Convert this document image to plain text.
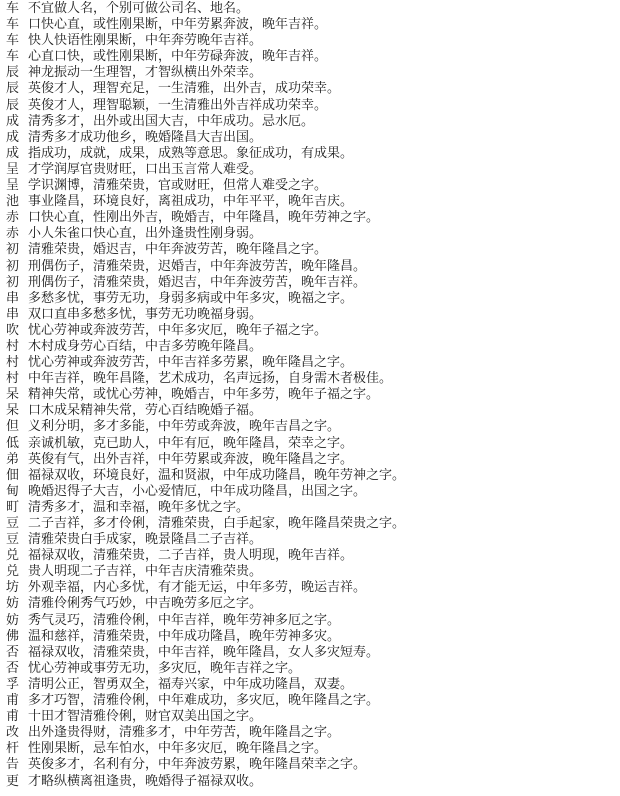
车 不宜做人名，个别可做公司名、地名。
车 口快心直，或性刚果断，中年劳累奔波，晚年吉祥。
车 快人快语性刚果断，中年奔劳晚年吉祥。
车 心直口快，或性刚果断，中年劳碌奔波，晚年吉祥。
辰 神龙振动一生理智，才智纵横出外荣幸。
辰 英俊才人，理智充足，一生清雅，出外吉，成功荣幸。
辰 英俊才人，理智聪颖，一生清雅出外吉祥成功荣幸。
成 清秀多才，出外或出国大吉，中年成功。忌水厄。
成 清秀多才成功他乡，晚婚隆昌大吉出国。
成 指成功，成就，成果，成熟等意思。象征成功，有成果。
呈 才学润厚官贵财旺，口出玉言常人难受。
呈 学识渊博，清雅荣贵，官或财旺，但常人难受之字。
池 事业隆昌，环境良好，离祖成功，中年平平，晚年吉庆。
赤 口快心直，性刚出外吉，晚婚吉，中年隆昌，晚年劳神之字。
赤 小人朱雀口快心直，出外逢贵性刚身弱。
初 清雅荣贵，婚迟吉，中年奔波劳苦，晚年隆昌之字。
初 刑偶伤子，清雅荣贵，迟婚吉，中年奔波劳苦，晚年隆昌。
初 刑偶伤子，清雅荣贵，婚迟吉，中年奔波劳苦，晚年吉祥。
串 多愁多忧，事劳无功，身弱多病或中年多灾，晚福之字。
串 双口直串多愁多忧，事劳无功晚福身弱。
吹 忧心劳神或奔波劳苦，中年多灾厄，晚年子福之字。
村 木村成身劳心百结，中吉多劳晚年隆昌。
村 忧心劳神或奔波劳苦，中年吉祥多劳累，晚年隆昌之字。
村 中年吉祥，晚年昌隆，艺术成功，名声远扬，自身需木者极佳。
呆 精神失常，或忧心劳神，晚婚吉，中年多劳，晚年子福之字。
呆 口木成呆精神失常，劳心百结晚婚子福。
但 义利分明，多才多能，中年劳或奔波，晚年吉昌之字。
低 亲诚机敏，克已助人，中年有厄，晚年隆昌，荣幸之字。
弟 英俊有气，出外吉祥，中年劳累或奔波，晚年隆昌之字。
佃 福禄双收，环境良好，温和贤淑，中年成功隆昌，晚年劳神之字。
甸 晚婚迟得子大吉，小心爱情厄，中年成功隆昌，出国之字。
町 清秀多才，温和幸福，晚年多忧之字。
豆 二子吉祥，多才伶俐，清雅荣贵，白手起家，晚年隆昌荣贵之字。
豆 清雅荣贵白手成家，晚景隆昌二子吉祥。
兑 福禄双收，清雅荣贵，二子吉祥，贵人明现，晚年吉祥。
兑 贵人明现二子吉祥，中年吉庆清雅荣贵。
坊 外观幸福，内心多忧，有才能无运，中年多劳，晚运吉祥。
妨 清雅伶俐秀气巧妙，中吉晚劳多厄之字。
妨 秀气灵巧，清雅伶俐，中年吉祥，晚年劳神多厄之字。
佛 温和慈祥，清雅荣贵，中年成功隆昌，晚年劳神多灾。
否 福禄双收，清雅荣贵，中年吉祥，晚年隆昌，女人多灾短寿。
否 忧心劳神或事劳无功，多灾厄，晚年吉祥之字。
孚 清明公正，智勇双全，福寿兴家，中年成功隆昌，双妻。
甫 多才巧智，清雅伶俐，中年难成功，多灾厄，晚年隆昌之字。
甫 十田才智清雅伶俐，财官双美出国之字。
改 出外逢贵得财，清雅多才，中年劳苦，晚年隆昌之字。
杆 性刚果断，忌车怕水，中年多灾厄，晚年隆昌之字。
告 英俊多才，名利有分，中年奔波劳累，晚年隆昌荣幸之字。
更 才略纵横离祖逢贵，晚婚得子福禄双收。
